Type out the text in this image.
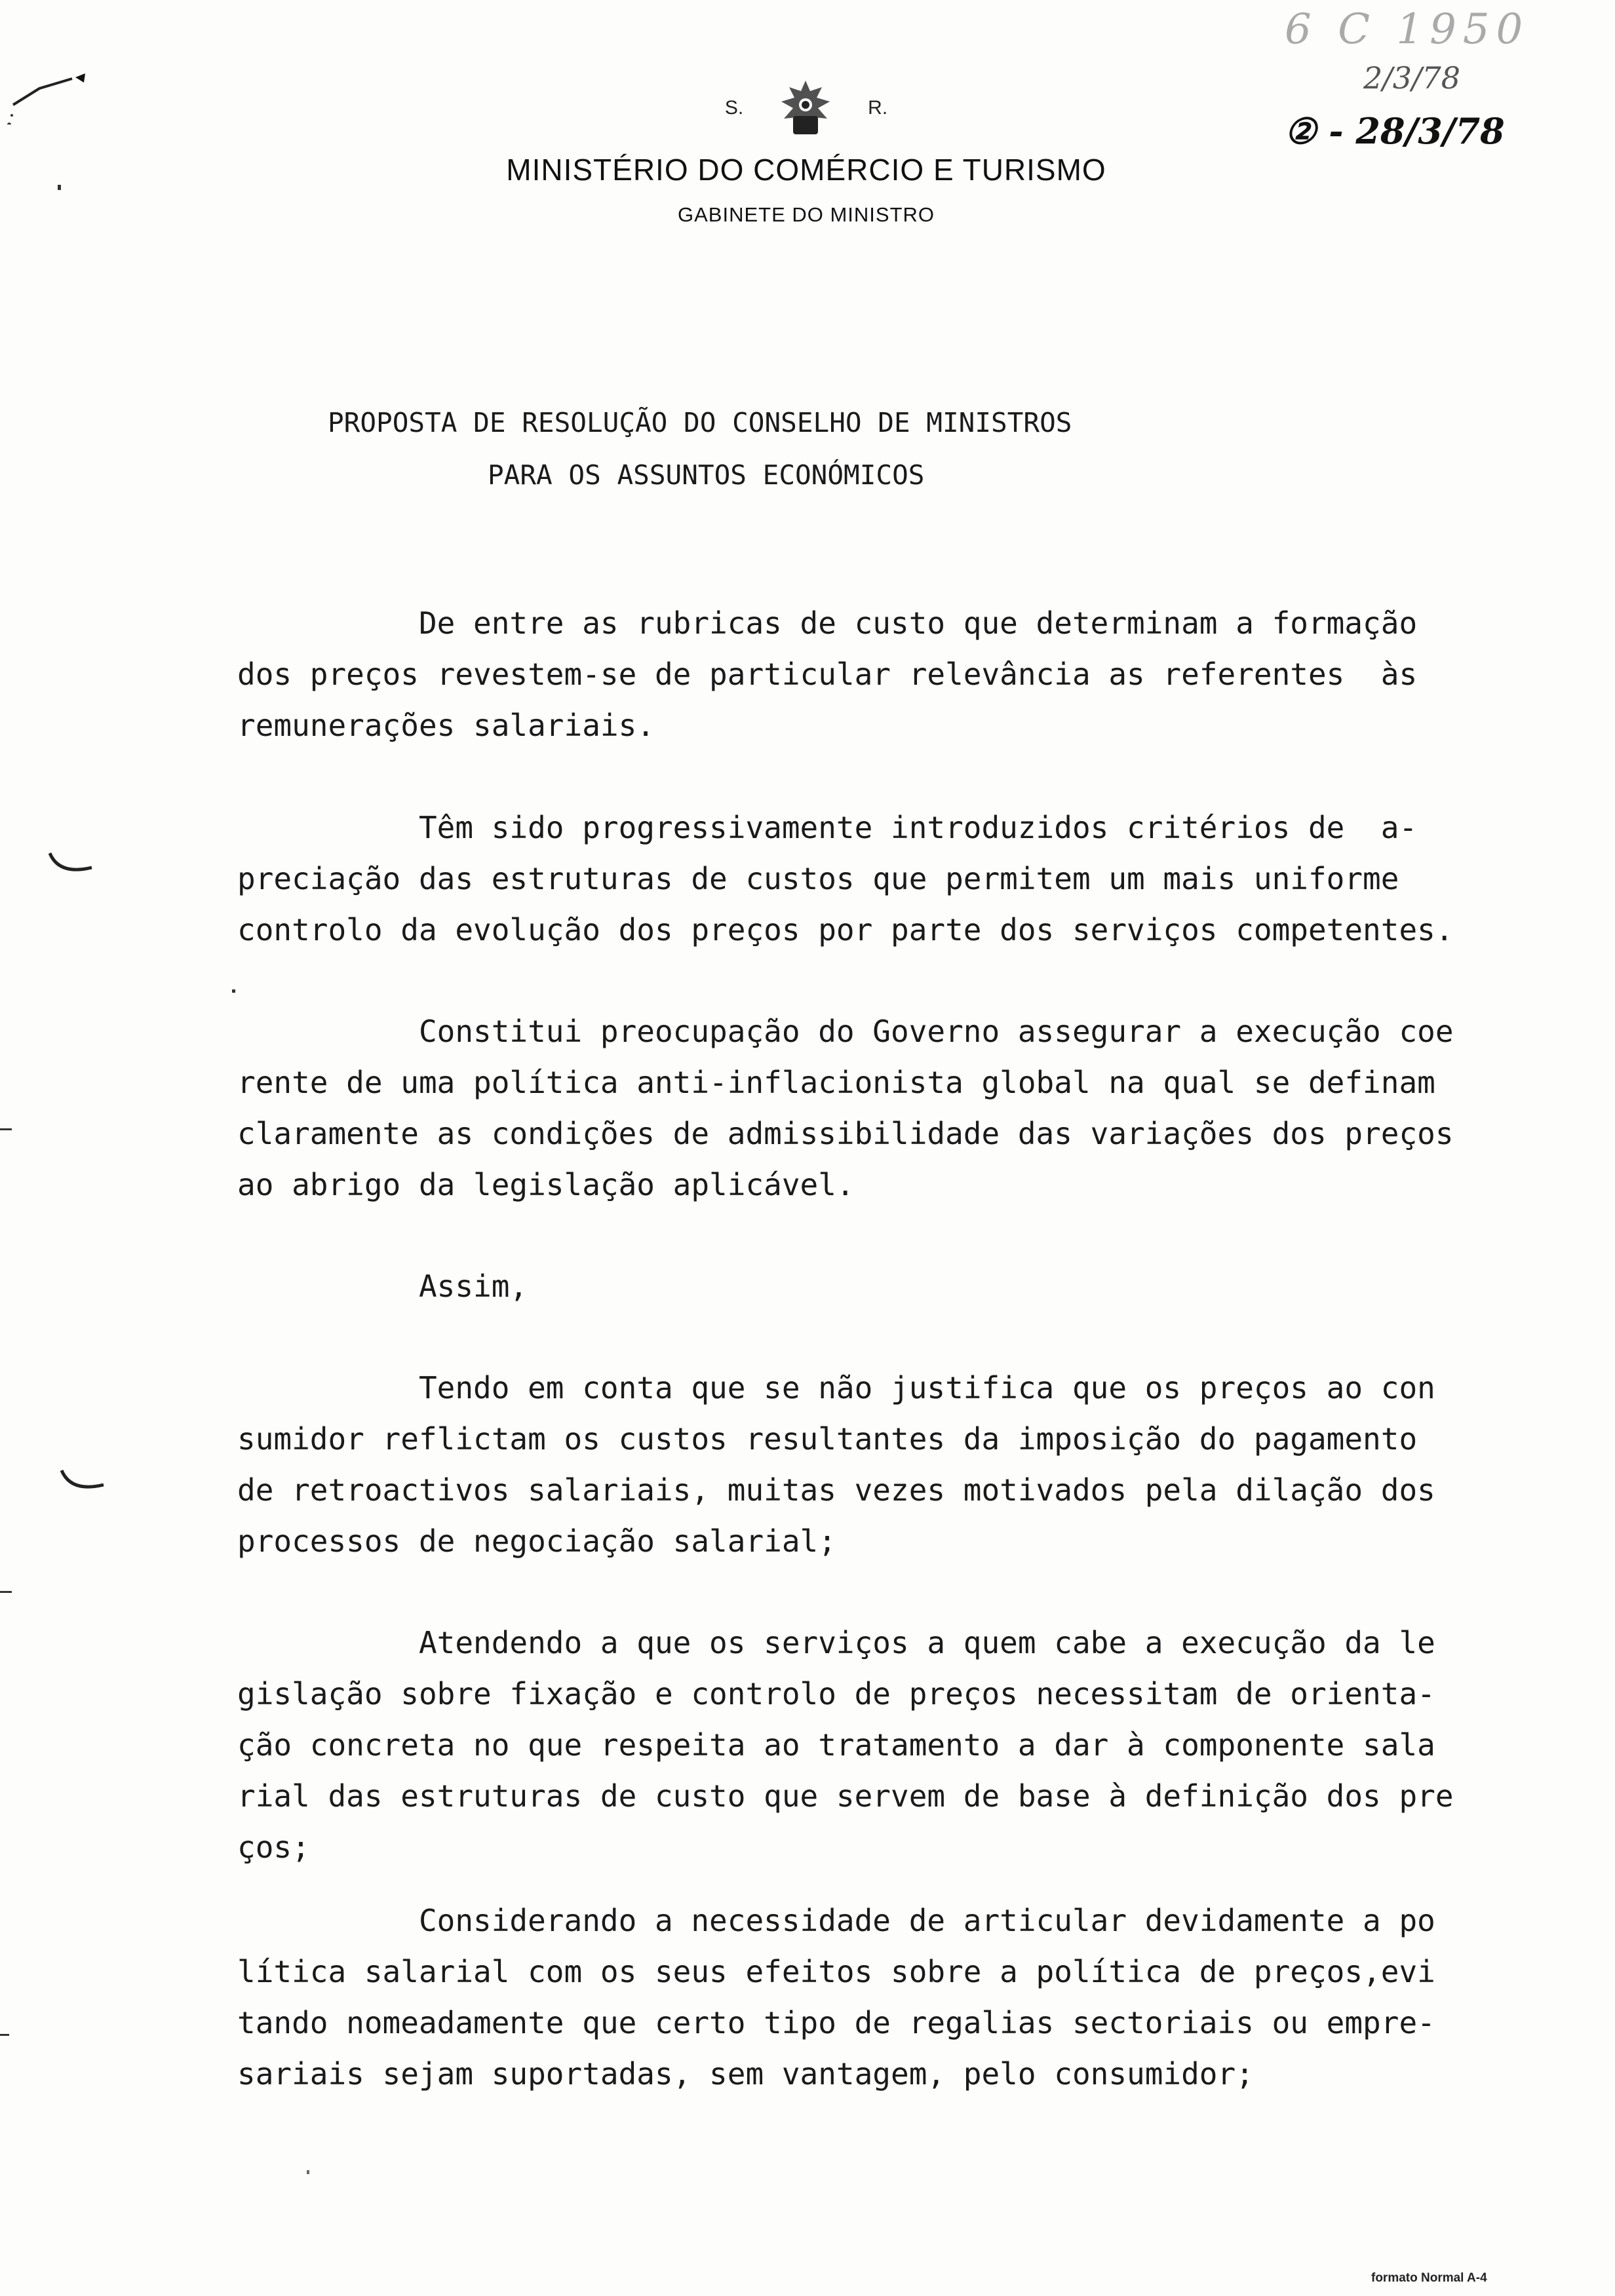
6 C 1950
2/3/78
② - 28/3/78
S.	R.
MINISTÉRIO DO COMÉRCIO E TURISMO
GABINETE DO MINISTRO
PROPOSTA DE RESOLUÇÃO DO CONSELHO DE MINISTROS
PARA OS ASSUNTOS ECONÓMICOS

De entre as rubricas de custo que determinam a formação
dos preços revestem-se de particular relevância as referentes  às
remunerações salariais.

Têm sido progressivamente introduzidos critérios de  a-
preciação das estruturas de custos que permitem um mais uniforme
controlo da evolução dos preços por parte dos serviços competentes.

Constitui preocupação do Governo assegurar a execução coe
rente de uma política anti-inflacionista global na qual se definam
claramente as condições de admissibilidade das variações dos preços
ao abrigo da legislação aplicável.

Assim,

Tendo em conta que se não justifica que os preços ao con
sumidor reflictam os custos resultantes da imposição do pagamento
de retroactivos salariais, muitas vezes motivados pela dilação dos
processos de negociação salarial;

Atendendo a que os serviços a quem cabe a execução da le
gislação sobre fixação e controlo de preços necessitam de orienta-
ção concreta no que respeita ao tratamento a dar à componente sala
rial das estruturas de custo que servem de base à definição dos pre
ços;

Considerando a necessidade de articular devidamente a po
lítica salarial com os seus efeitos sobre a política de preços,evi
tando nomeadamente que certo tipo de regalias sectoriais ou empre-
sariais sejam suportadas, sem vantagem, pelo consumidor;

formato Normal A-4
